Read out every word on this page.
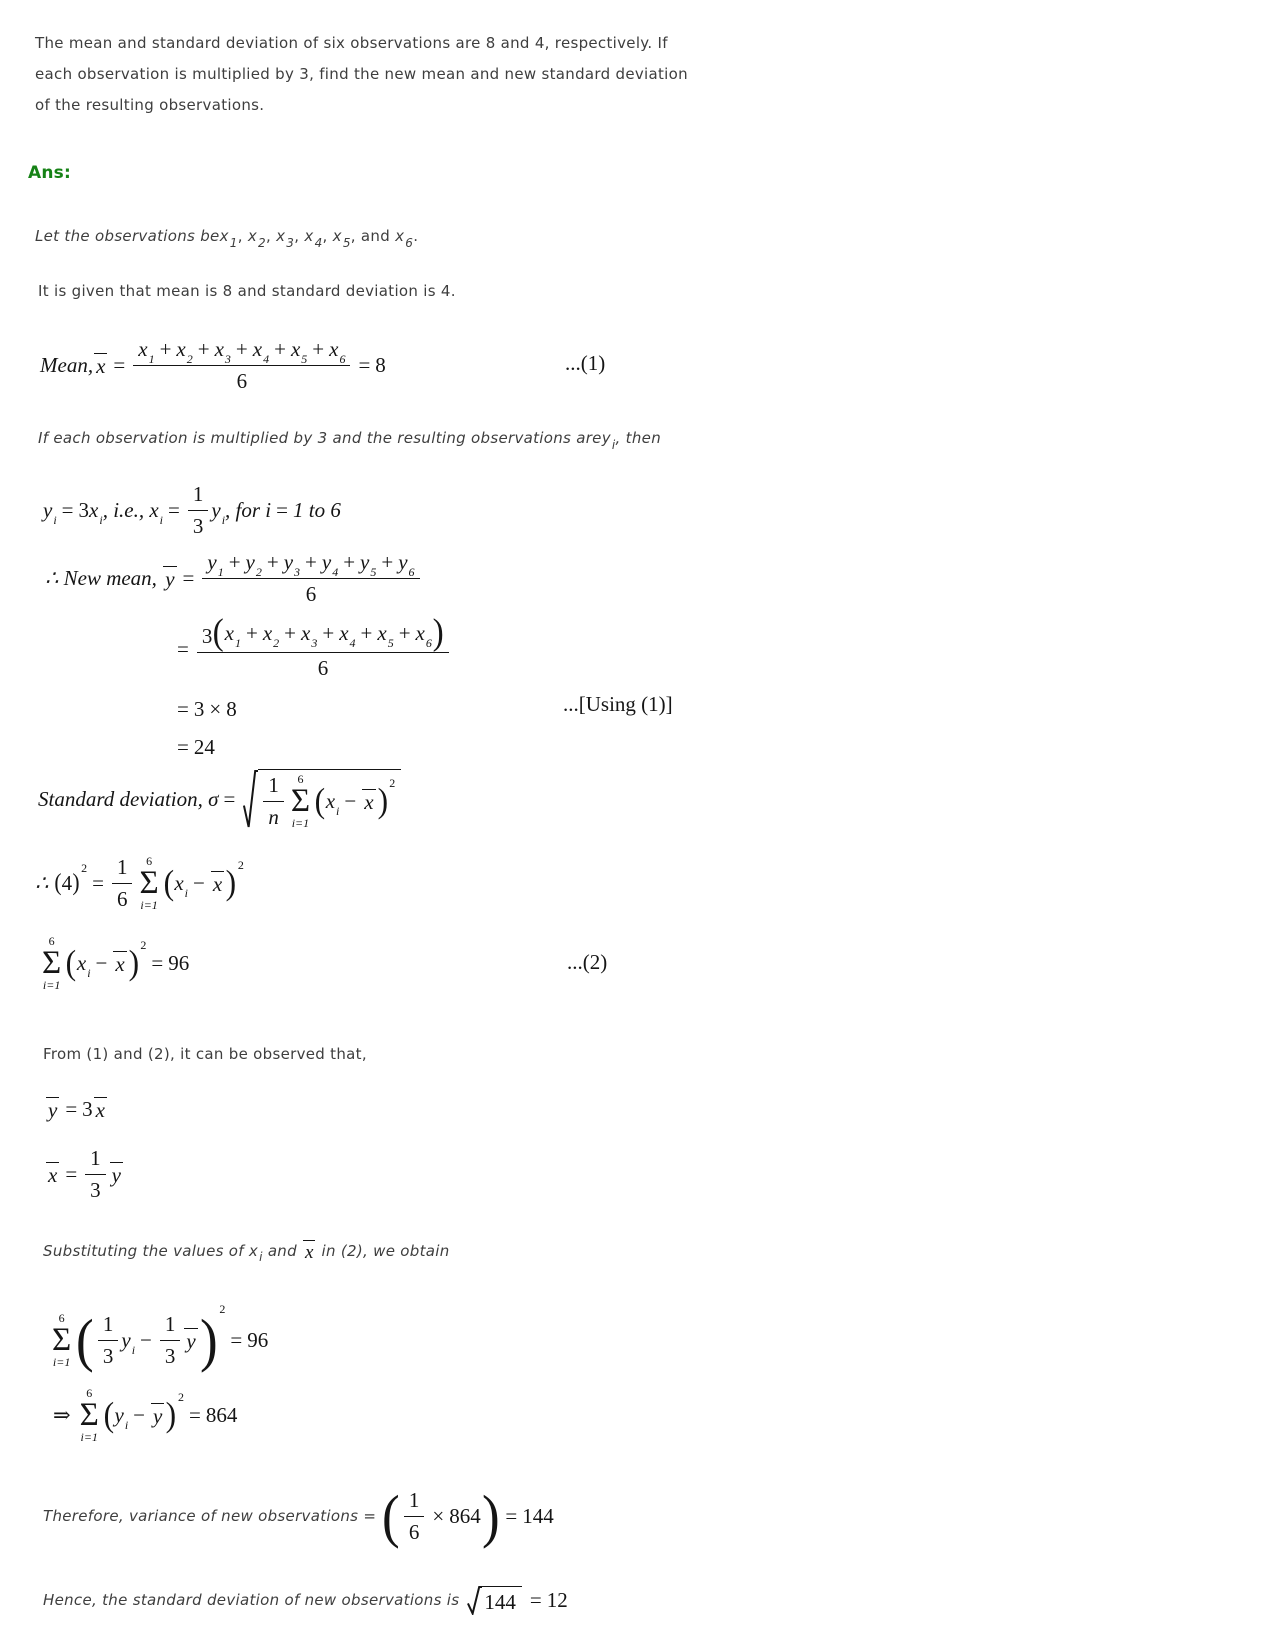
The mean and standard deviation of six observations are 8 and 4, respectively. If
each observation is multiplied by 3, find the new mean and new standard deviation
of the resulting observations.
Ans:
Let the observations be $x_1$ , $x_2$ , $x_3$ , $x_4$ , $x_5$ , and $x_6$ .
It is given that mean is 8 and standard deviation is 4.
Mean, $x = \frac{x_1 + x_2 + x_3 + x_4 + x_5 + x_6}{6} = 8$	...(1)
If each observation is multiplied by 3 and the resulting observations are $y_i$ , then
$y_i = 3$ $x_i$ , i.e., $x_i = \frac{1}{3} y_i$ , for i = 1 to 6
∴ New mean, $y = \frac{y_1 + y_2 + y_3 + y_4 + y_5 + y_6}{6}$
= $\frac{3 ( x_1 + x_2 + x_3 + x_4 + x_5 + x_6 )}{6}$
= 3 × 8
= 24
...[Using (1)]
Standard deviation, $\sigma = \frac{1}{n} 6$
Σ
i=1
( $x_i - x$ )$^2$
∴ ( 4 )
$^2$
= $\frac{1}{6} 6$
Σ
i=1
( $x_i - x$ )$^2$
6
Σ
i=1
( $x_i - x$ )$^2$
= 96	...(2)
From (1) and (2), it can be observed that,
y = 3 x
$x = \frac{1}{3}$ y
Substituting the values of $x_i$ and x in (2), we obtain
6
Σ
i=1 ( $\frac{1}{3} y_i - \frac{1}{3}$ y ) 2
= 96
⇒
6
Σ
i=1
( $y_i - y$ )$^2$
= 864
Therefore, variance of new observations = ( $\frac{1}{6} \times 864$ ) = 144
Hence, the standard deviation of new observations is 144 = 12
